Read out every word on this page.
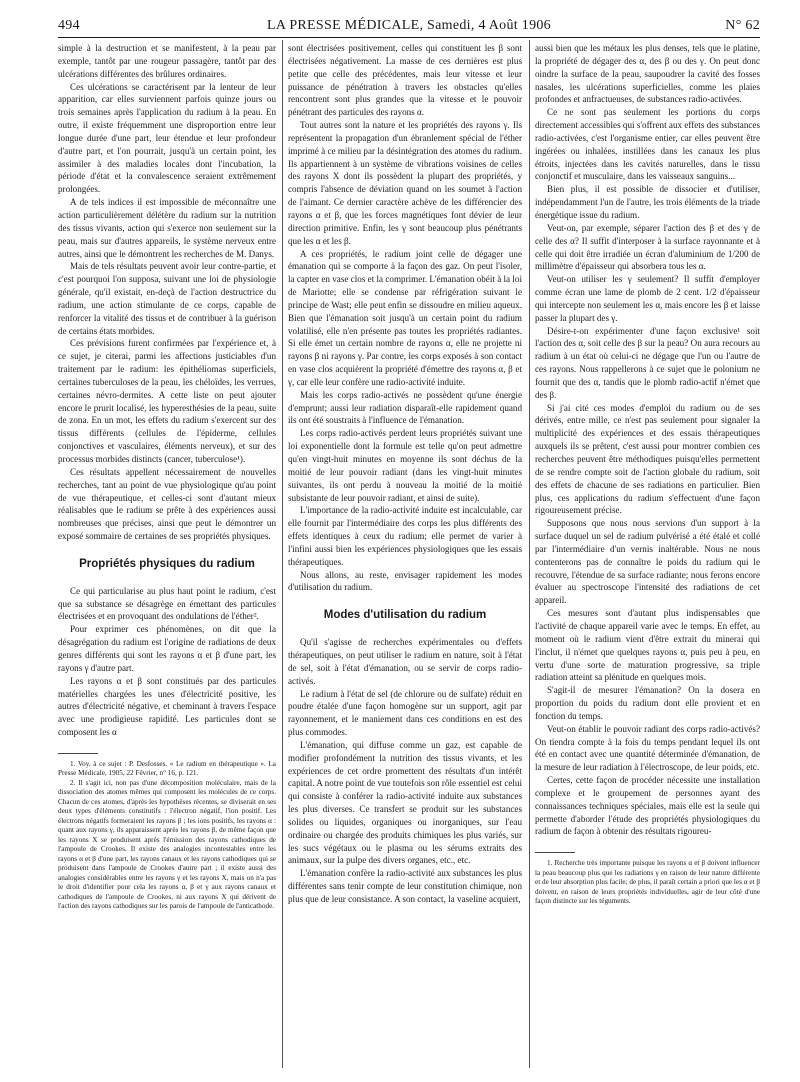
494	LA PRESSE MÉDICALE, Samedi, 4 Août 1906	N° 62

simple à la destruction et se manifestent, à la peau par exemple, tantôt par une rougeur passagère, tantôt par des ulcérations différentes des brûlures ordinaires.

Ces ulcérations se caractérisent par la lenteur de leur apparition, car elles surviennent parfois quinze jours ou trois semaines après l'application du radium à la peau. En outre, il existe fréquemment une disproportion entre leur longue durée d'une part, leur étendue et leur profondeur d'autre part, et l'on pourrait, jusqu'à un certain point, les assimiler à des maladies locales dont l'incubation, la période d'état et la convalescence seraient extrêmement prolongées.

A de tels indices il est impossible de méconnaître une action particulièrement délétère du radium sur la nutrition des tissus vivants, action qui s'exerce non seulement sur la peau, mais sur d'autres appareils, le système nerveux entre autres, ainsi que le démontrent les recherches de M. Danys.

Mais de tels résultats peuvent avoir leur contre-partie, et c'est pourquoi l'on supposa, suivant une loi de physiologie générale, qu'il existait, en-deçà de l'action destructrice du radium, une action stimulante de ce corps, capable de renforcer la vitalité des tissus et de contribuer à la guérison de certains états morbides.

Ces prévisions furent confirmées par l'expérience et, à ce sujet, je citerai, parmi les affections justiciables d'un traitement par le radium: les épithéliomas superficiels, certaines tuberculoses de la peau, les chéloïdes, les verrues, certaines névro-dermites. A cette liste on peut ajouter encore le prurit localisé, les hyperesthésies de la peau, suite de zona. En un mot, les effets du radium s'exercent sur des tissus différents (cellules de l'épiderme, cellules conjonctives et vasculaires, éléments nerveux), et sur des processus morbides distincts (cancer, tuberculose¹).

Ces résultats appellent nécessairement de nouvelles recherches, tant au point de vue physiologique qu'au point de vue thérapeutique, et celles-ci sont d'autant mieux réalisables que le radium se prête à des expériences aussi nombreuses que précises, ainsi que peut le démontrer un exposé sommaire de certaines de ses propriétés physiques.

Propriétés physiques du radium

Ce qui particularise au plus haut point le radium, c'est que sa substance se désagrège en émettant des particules électrisées et en provoquant des ondulations de l'éther².

Pour exprimer ces phénomènes, on dit que la désagrégation du radium est l'origine de radiations de deux genres différents qui sont les rayons α et β d'une part, les rayons γ d'autre part.

Les rayons α et β sont constitués par des particules matérielles chargées les unes d'électricité positive, les autres d'électricité négative, et cheminant à travers l'espace avec une prodigieuse rapidité. Les particules dont se composent les α

1. Voy. à ce sujet : P. Desfosses. « Le radium en thérapeutique ». La Presse Médicale, 1905, 22 Février, n° 16, p. 121.

2. Il s'agit ici, non pas d'une décomposition moléculaire, mais de la dissociation des atomes mêmes qui composent les molécules de ce corps. Chacun de ces atomes, d'après les hypothèses récentes, se diviserait en ses deux types d'éléments constitutifs : l'électron négatif, l'ion positif. Les électrons négatifs formeraient les rayons β ; les ions positifs, les rayons α : quant aux rayons γ, ils apparaissent après les rayons β, de même façon que les rayons X se produisent après l'émission des rayons cathodiques de l'ampoule de Crookes. Il existe des analogies incontestables entre les rayons α et β d'une part, les rayons canaux et les rayons cathodiques qui se produisent dans l'ampoule de Crookes d'autre part ; il existe aussi des analogies considérables entre les rayons γ et les rayons X, mais on n'a pas le droit d'identifier pour cela les rayons α, β et γ aux rayons canaux et cathodiques de l'ampoule de Crookes, ni aux rayons X qui dérivent de l'action des rayons cathodiques sur les parois de l'ampoule de l'anticathode.

sont électrisées positivement, celles qui constituent les β sont électrisées négativement. La masse de ces dernières est plus petite que celle des précédentes, mais leur vitesse et leur puissance de pénétration à travers les obstacles qu'elles rencontrent sont plus grandes que la vitesse et le pouvoir pénétrant des particules des rayons α.

Tout autres sont la nature et les propriétés des rayons γ. Ils représentent la propagation d'un ébranlement spécial de l'éther imprimé à ce milieu par la désintégration des atomes du radium. Ils appartiennent à un système de vibrations voisines de celles des rayons X dont ils possèdent la plupart des propriétés, y compris l'absence de déviation quand on les soumet à l'action de l'aimant. Ce dernier caractère achève de les différencier des rayons α et β, que les forces magnétiques font dévier de leur direction primitive. Enfin, les γ sont beaucoup plus pénétrants que les α et les β.

A ces propriétés, le radium joint celle de dégager une émanation qui se comporte à la façon des gaz. On peut l'isoler, la capter en vase clos et la comprimer. L'émanation obéit à la loi de Mariotte; elle se condense par réfrigération suivant le principe de Wast; elle peut enfin se dissoudre en milieu aqueux. Bien que l'émanation soit jusqu'à un certain point du radium volatilisé, elle n'en présente pas toutes les propriétés radiantes. Si elle émet un certain nombre de rayons α, elle ne projette ni rayons β ni rayons γ. Par contre, les corps exposés à son contact en vase clos acquièrent la propriété d'émettre des rayons α, β et γ, car elle leur confère une radio-activité induite.

Mais les corps radio-activés ne possèdent qu'une énergie d'emprunt; aussi leur radiation disparaît-elle rapidement quand ils ont été soustraits à l'influence de l'émanation.

Les corps radio-activés perdent leurs propriétés suivant une loi exponentielle dont la formule est telle qu'on peut admettre qu'en vingt-huit minutes en moyenne ils sont déchus de la moitié de leur pouvoir radiant (dans les vingt-huit minutes suivantes, ils ont perdu à nouveau la moitié de la moitié subsistante de leur pouvoir radiant, et ainsi de suite).

L'importance de la radio-activité induite est incalculable, car elle fournit par l'intermédiaire des corps les plus différents des effets identiques à ceux du radium; elle permet de varier à l'infini aussi bien les expériences physiologiques que les essais thérapeutiques.

Nous allons, au reste, envisager rapidement les modes d'utilisation du radium.

Modes d'utilisation du radium

Qu'il s'agisse de recherches expérimentales ou d'effets thérapeutiques, on peut utiliser le radium en nature, soit à l'état de sel, soit à l'état d'émanation, ou se servir de corps radio-activés.

Le radium à l'état de sel (de chlorure ou de sulfate) réduit en poudre étalée d'une façon homogène sur un support, agit par rayonnement, et le maniement dans ces conditions en est des plus commodes.

L'émanation, qui diffuse comme un gaz, est capable de modifier profondément la nutrition des tissus vivants, et les expériences de cet ordre promettent des résultats d'un intérêt capital. A notre point de vue toutefois son rôle essentiel est celui qui consiste à conférer la radio-activité induite aux substances les plus diverses. Ce transfert se produit sur les substances solides ou liquides, organiques ou inorganiques, sur l'eau ordinaire ou chargée des produits chimiques les plus variés, sur les sucs végétaux ou le plasma ou les sérums extraits des animaux, sur la pulpe des divers organes, etc., etc.

L'émanation confère la radio-activité aux substances les plus différentes sans tenir compte de leur constitution chimique, non plus que de leur consistance. A son contact, la vaseline acquiert,

aussi bien que les métaux les plus denses, tels que le platine, la propriété de dégager des α, des β ou des γ. On peut donc oindre la surface de la peau, saupoudrer la cavité des fosses nasales, les ulcérations superficielles, comme les plaies profondes et anfractueuses, de substances radio-activées.

Ce ne sont pas seulement les portions du corps directement accessibles qui s'offrent aux effets des substances radio-activées, c'est l'organisme entier, car elles peuvent être ingérées ou inhalées, instillées dans les canaux les plus étroits, injectées dans les cavités naturelles, dans le tissu conjonctif et musculaire, dans les vaisseaux sanguins...

Bien plus, il est possible de dissocier et d'utiliser, indépendamment l'un de l'autre, les trois éléments de la triade énergétique issue du radium.

Veut-on, par exemple, séparer l'action des β et des γ de celle des α? Il suffit d'interposer à la surface rayonnante et à celle qui doit être irradiée un écran d'aluminium de 1/200 de millimètre d'épaisseur qui absorbera tous les α.

Veut-on utiliser les γ seulement? Il suffit d'employer comme écran une lame de plomb de 2 cent. 1/2 d'épaisseur qui intercepte non seulement les α, mais encore les β et laisse passer la plupart des γ.

Désire-t-on expérimenter d'une façon exclusive¹ soit l'action des α, soit celle des β sur la peau? On aura recours au radium à un état où celui-ci ne dégage que l'un ou l'autre de ces rayons. Nous rappellerons à ce sujet que le polonium ne fournit que des α, tandis que le plomb radio-actif n'émet que des β.

Si j'ai cité ces modes d'emploi du radium ou de ses dérivés, entre mille, ce n'est pas seulement pour signaler la multiplicité des expériences et des essais thérapeutiques auxquels ils se prêtent, c'est aussi pour montrer combien ces recherches peuvent être méthodiques puisqu'elles permettent de se rendre compte soit de l'action globale du radium, soit des effets de chacune de ses radiations en particulier. Bien plus, ces applications du radium s'effectuent d'une façon rigoureusement précise.

Supposons que nous nous servions d'un support à la surface duquel un sel de radium pulvérisé a été étalé et collé par l'intermédiaire d'un vernis inaltérable. Nous ne nous contenterons pas de connaître le poids du radium qui le recouvre, l'étendue de sa surface radiante; nous ferons encore évaluer au spectroscope l'intensité des radiations de cet appareil.

Ces mesures sont d'autant plus indispensables que l'activité de chaque appareil varie avec le temps. En effet, au moment où le radium vient d'être extrait du minerai qui l'inclut, il n'émet que quelques rayons α, puis peu à peu, en vertu d'une sorte de maturation progressive, sa triple radiation atteint sa plénitude en quelques mois.

S'agit-il de mesurer l'émanation? On la dosera en proportion du poids du radium dont elle provient et en fonction du temps.

Veut-on établir le pouvoir radiant des corps radio-activés? On tiendra compte à la fois du temps pendant lequel ils ont été en contact avec une quantité déterminée d'émanation, de la mesure de leur radiation à l'électroscope, de leur poids, etc.

Certes, cette façon de procéder nécessite une installation complexe et le groupement de personnes ayant des connaissances techniques spéciales, mais elle est la seule qui permette d'aborder l'étude des propriétés physiologiques du radium de façon à obtenir des résultats rigoureu-

1. Recherche très importante puisque les rayons α et β doivent influencer la peau beaucoup plus que les radiations γ en raison de leur nature différente et de leur absorption plus facile; de plus, il paraît certain a priori que les α et β doivent, en raison de leurs propriétés individuelles, agir de leur côté d'une façon distincte sur les téguments.
